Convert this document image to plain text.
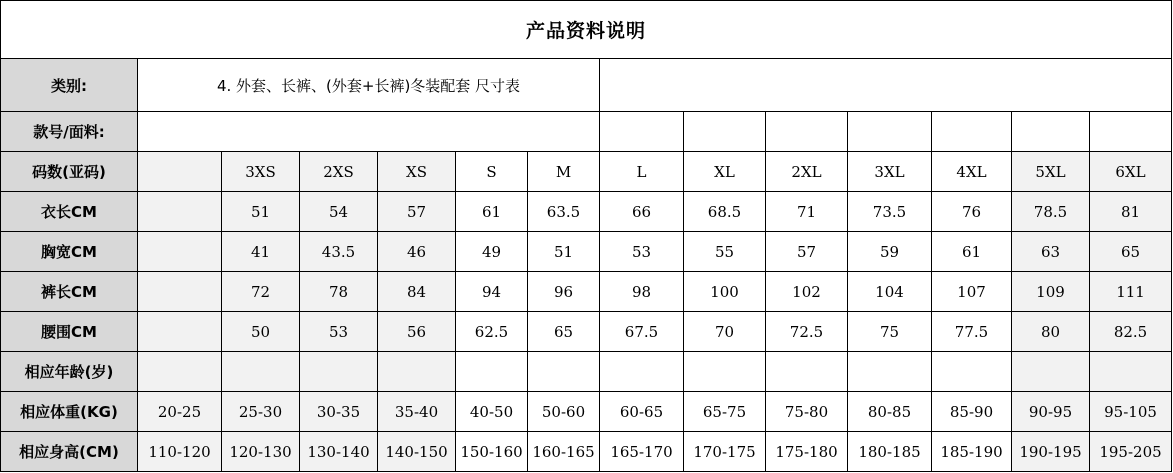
产品资料说明													
类别:	4. 外套、长裤、(外套+长裤)冬装配套 尺寸表												
款号/面料:													
码数(亚码)		3XS	2XS	XS	S	M	L	XL	2XL	3XL	4XL	5XL	6XL
衣长CM		51	54	57	61	63.5	66	68.5	71	73.5	76	78.5	81
胸宽CM		41	43.5	46	49	51	53	55	57	59	61	63	65
裤长CM		72	78	84	94	96	98	100	102	104	107	109	111
腰围CM		50	53	56	62.5	65	67.5	70	72.5	75	77.5	80	82.5
相应年龄(岁)													
相应体重(KG)	20-25	25-30	30-35	35-40	40-50	50-60	60-65	65-75	75-80	80-85	85-90	90-95	95-105
相应身高(CM)	110-120	120-130	130-140	140-150	150-160	160-165	165-170	170-175	175-180	180-185	185-190	190-195	195-205
